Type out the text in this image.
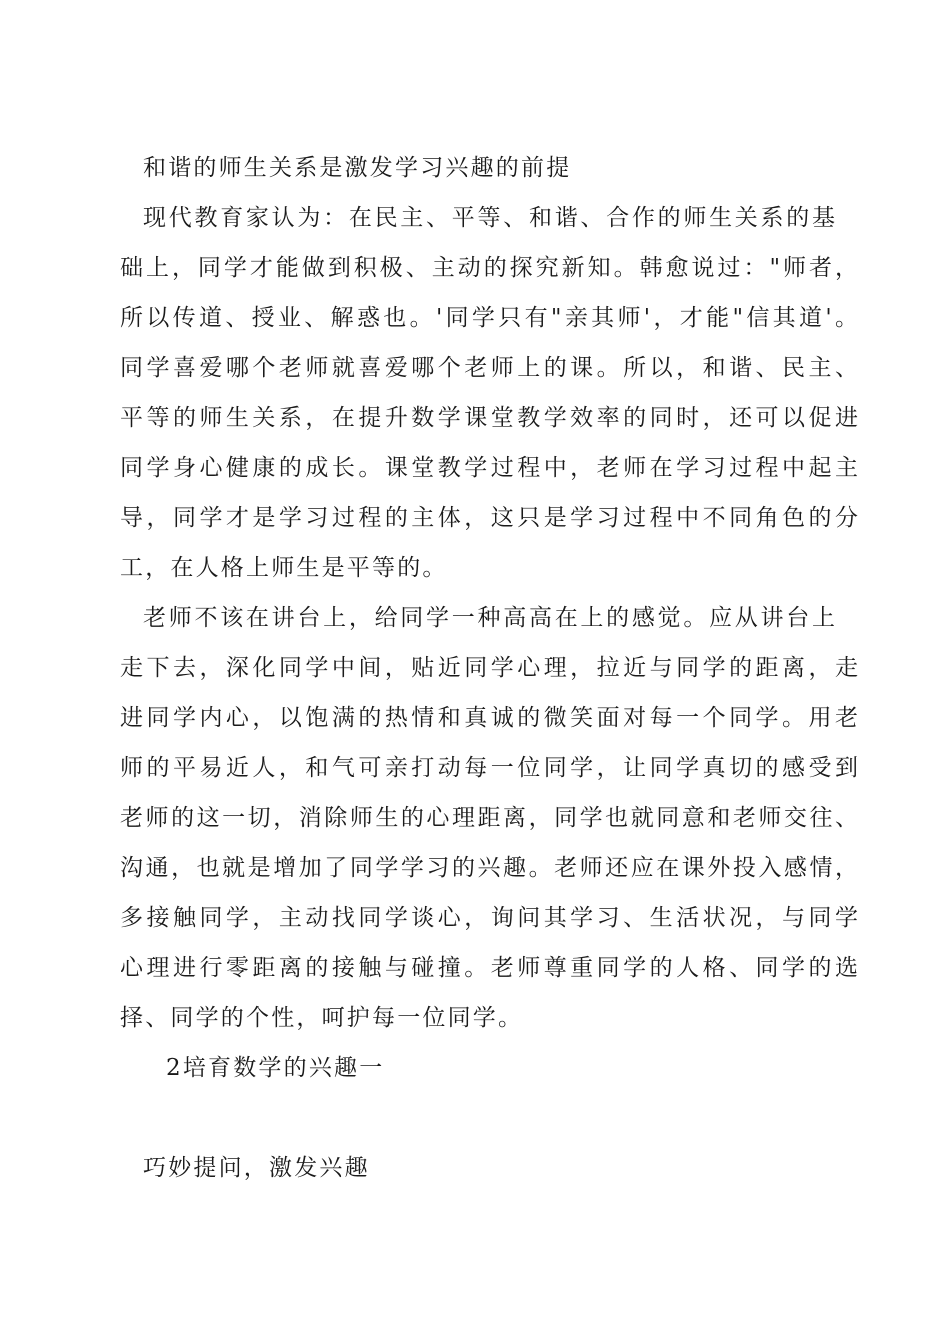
和谐的师生关系是激发学习兴趣的前提
现代教育家认为：在民主、平等、和谐、合作的师生关系的基
础上，同学才能做到积极、主动的探究新知。韩愈说过："师者，
所以传道、授业、解惑也。'同学只有"亲其师'，才能"信其道'。
同学喜爱哪个老师就喜爱哪个老师上的课。所以，和谐、民主、
平等的师生关系，在提升数学课堂教学效率的同时，还可以促进
同学身心健康的成长。课堂教学过程中，老师在学习过程中起主
导，同学才是学习过程的主体，这只是学习过程中不同角色的分
工，在人格上师生是平等的。
老师不该在讲台上，给同学一种高高在上的感觉。应从讲台上
走下去，深化同学中间，贴近同学心理，拉近与同学的距离，走
进同学内心，以饱满的热情和真诚的微笑面对每一个同学。用老
师的平易近人，和气可亲打动每一位同学，让同学真切的感受到
老师的这一切，消除师生的心理距离，同学也就同意和老师交往、
沟通，也就是增加了同学学习的兴趣。老师还应在课外投入感情，
多接触同学，主动找同学谈心，询问其学习、生活状况，与同学
心理进行零距离的接触与碰撞。老师尊重同学的人格、同学的选
择、同学的个性，呵护每一位同学。
2培育数学的兴趣一
巧妙提问，激发兴趣
